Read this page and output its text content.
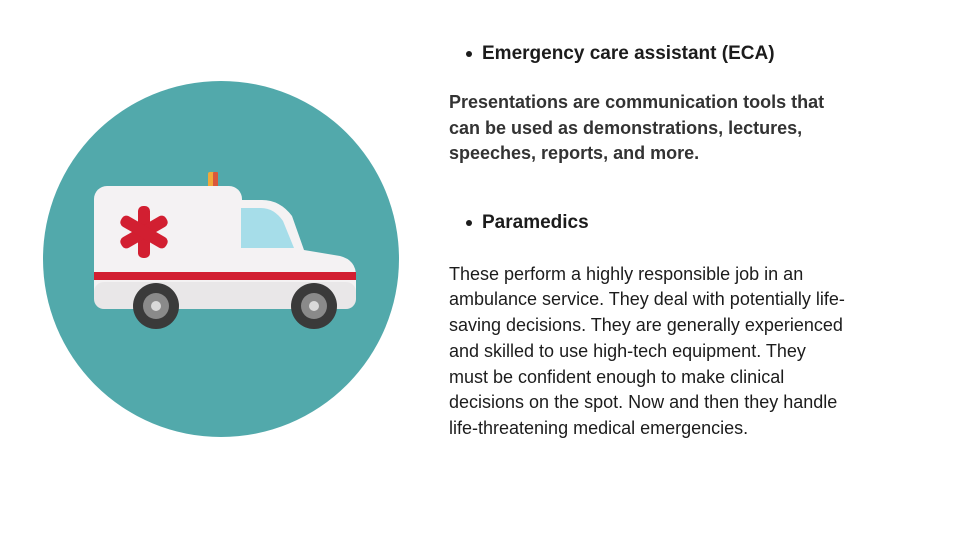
Emergency care assistant (ECA)

Presentations are communication tools that can be used as demonstrations, lectures, speeches, reports, and more.

Paramedics

These perform a highly responsible job in an ambulance service. They deal with potentially life-saving decisions. They are generally experienced and skilled to use high-tech equipment. They must be confident enough to make clinical decisions on the spot. Now and then they handle life-threatening medical emergencies.
